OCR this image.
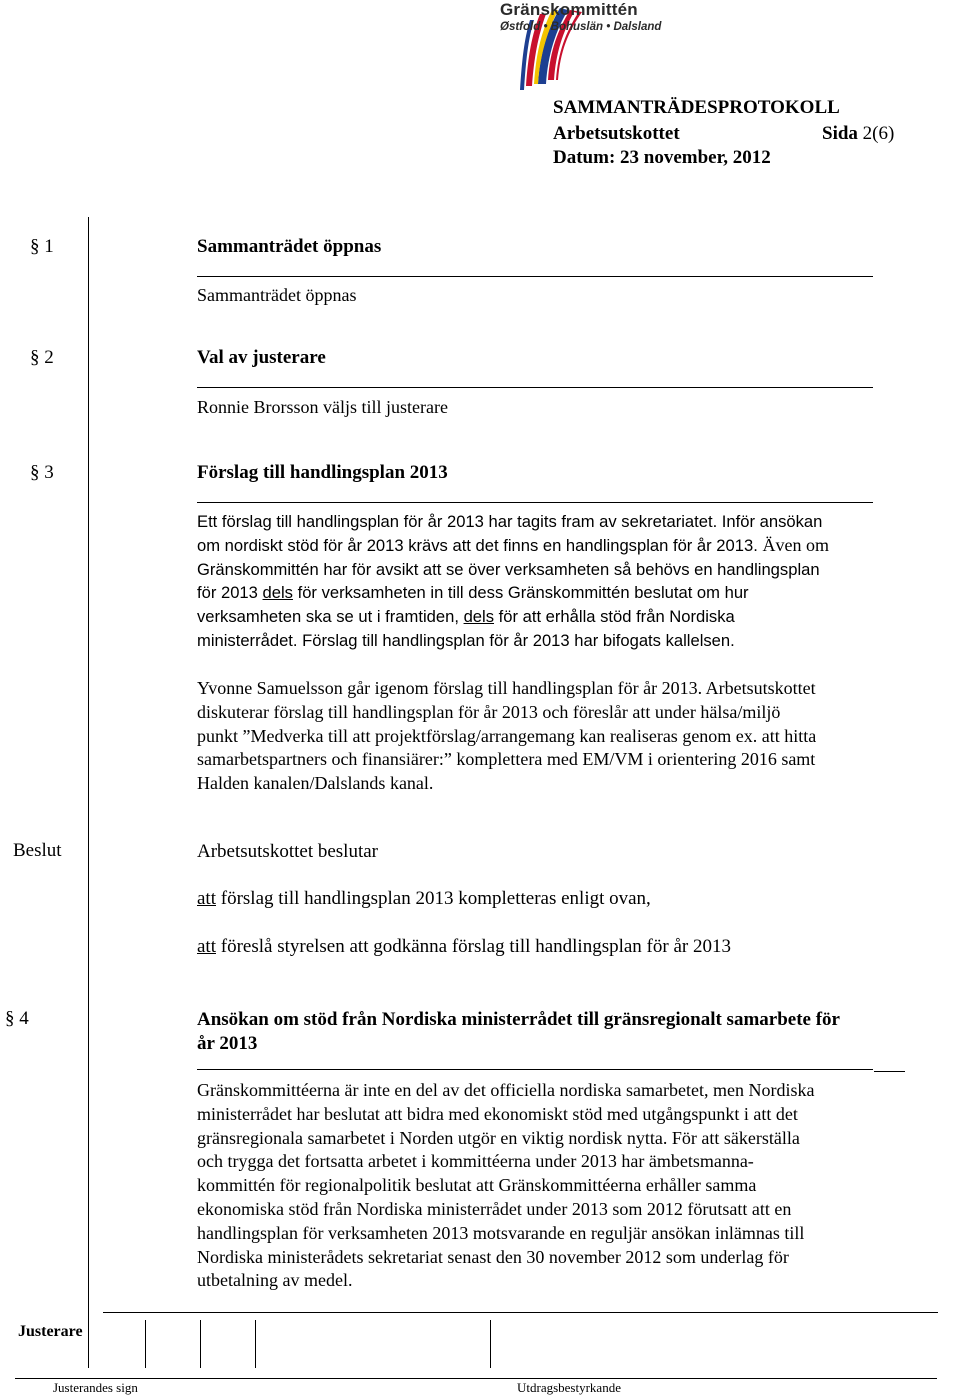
Gränskommittén
Østfold • Bohuslän • Dalsland
SAMMANTRÄDESPROTOKOLL
Arbetsutskottet	Sida 2(6)
Datum: 23 november, 2012
§ 1	Sammanträdet öppnas
Sammanträdet öppnas
§ 2	Val av justerare
Ronnie Brorsson väljs till justerare
§ 3	Förslag till handlingsplan 2013
Ett förslag till handlingsplan för år 2013 har tagits fram av sekretariatet. Inför ansökan
om nordiskt stöd för år 2013 krävs att det finns en handlingsplan för år 2013. Även om
Gränskommittén har för avsikt att se över verksamheten så behövs en handlingsplan
för 2013 dels för verksamheten in till dess Gränskommittén beslutat om hur
verksamheten ska se ut i framtiden, dels för att erhålla stöd från Nordiska
ministerrådet. Förslag till handlingsplan för år 2013 har bifogats kallelsen.
Yvonne Samuelsson går igenom förslag till handlingsplan för år 2013. Arbetsutskottet
diskuterar förslag till handlingsplan för år 2013 och föreslår att under hälsa/miljö
punkt ”Medverka till att projektförslag/arrangemang kan realiseras genom ex. att hitta
samarbetspartners och finansiärer:” komplettera med EM/VM i orientering 2016 samt
Halden kanalen/Dalslands kanal.
Beslut	Arbetsutskottet beslutar
att förslag till handlingsplan 2013 kompletteras enligt ovan,
att föreslå styrelsen att godkänna förslag till handlingsplan för år 2013
§ 4	Ansökan om stöd från Nordiska ministerrådet till gränsregionalt samarbete för
år 2013
Gränskommittéerna är inte en del av det officiella nordiska samarbetet, men Nordiska
ministerrådet har beslutat att bidra med ekonomiskt stöd med utgångspunkt i att det
gränsregionala samarbetet i Norden utgör en viktig nordisk nytta. För att säkerställa
och trygga det fortsatta arbetet i kommittéerna under 2013 har ämbetsmanna-
kommittén för regionalpolitik beslutat att Gränskommittéerna erhåller samma
ekonomiska stöd från Nordiska ministerrådet under 2013 som 2012 förutsatt att en
handlingsplan för verksamheten 2013 motsvarande en reguljär ansökan inlämnas till
Nordiska ministerådets sekretariat senast den 30 november 2012 som underlag för
utbetalning av medel.
Justerare
Justerandes sign	Utdragsbestyrkande
